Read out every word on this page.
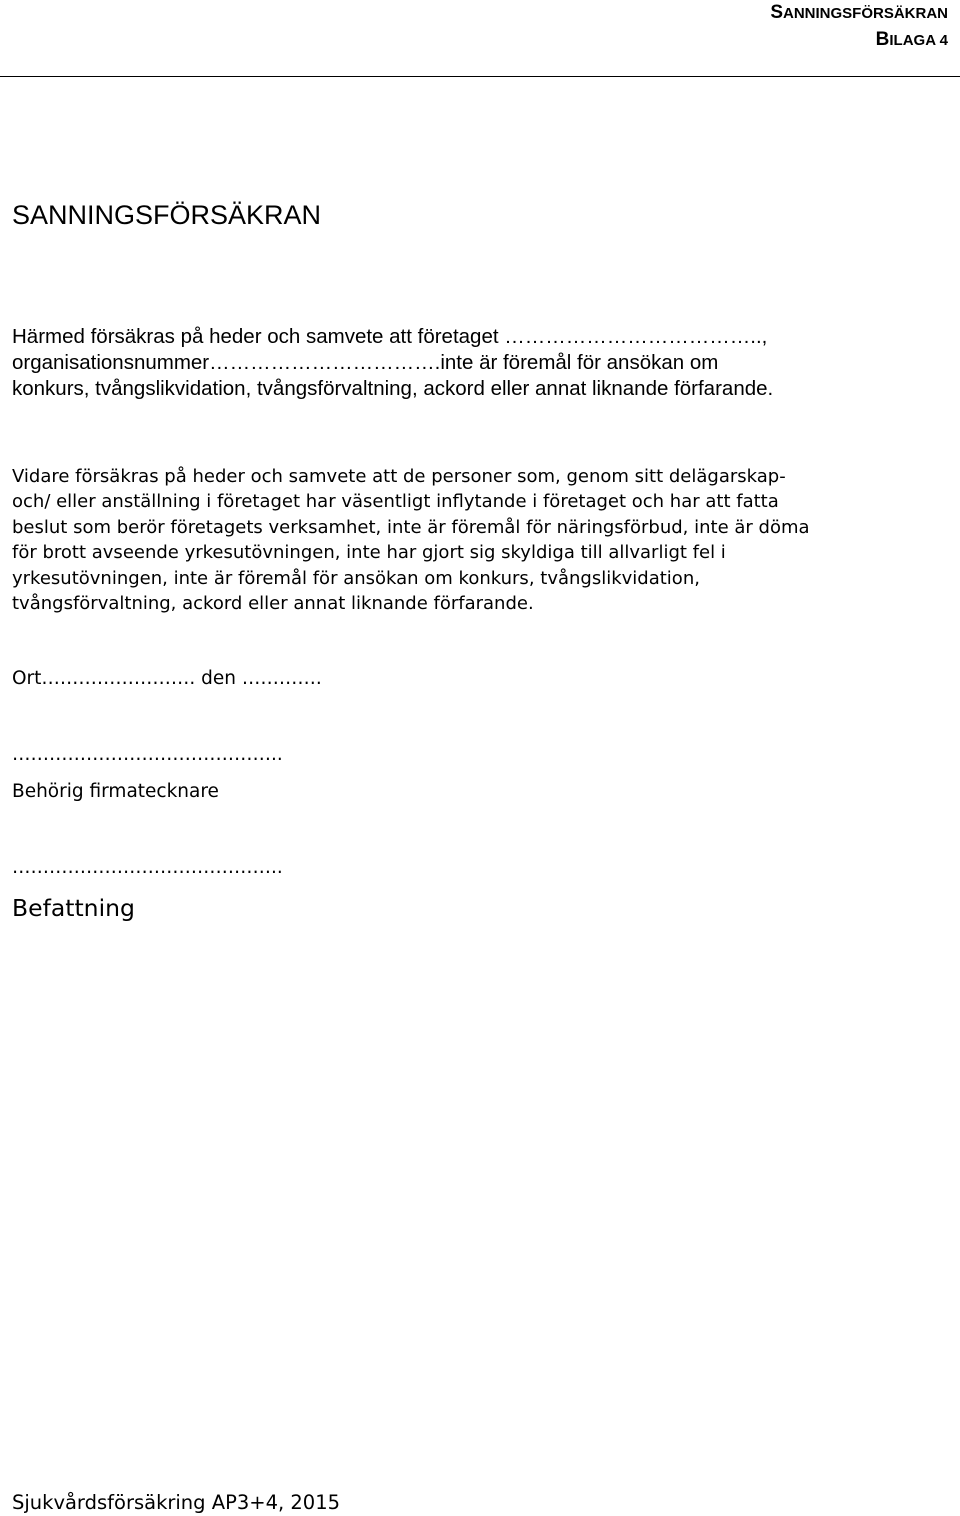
SANNINGSFÖRSÄKRAN
BILAGA 4
SANNINGSFÖRSÄKRAN
Härmed försäkras på heder och samvete att företaget ………………………………..,
organisationsnummer…………………………….inte är föremål för ansökan om
konkurs, tvångslikvidation, tvångsförvaltning, ackord eller annat liknande förfarande.
Vidare försäkras på heder och samvete att de personer som, genom sitt delägarskap-
och/ eller anställning i företaget har väsentligt inflytande i företaget och har att fatta
beslut som berör företagets verksamhet, inte är föremål för näringsförbud, inte är döma
för brott avseende yrkesutövningen, inte har gjort sig skyldiga till allvarligt fel i
yrkesutövningen, inte är föremål för ansökan om konkurs, tvångslikvidation,
tvångsförvaltning, ackord eller annat liknande förfarande.
Ort……………………. den ………….
……………………………………..
Behörig firmatecknare
……………………………………..
Befattning
Sjukvårdsförsäkring AP3+4, 2015
